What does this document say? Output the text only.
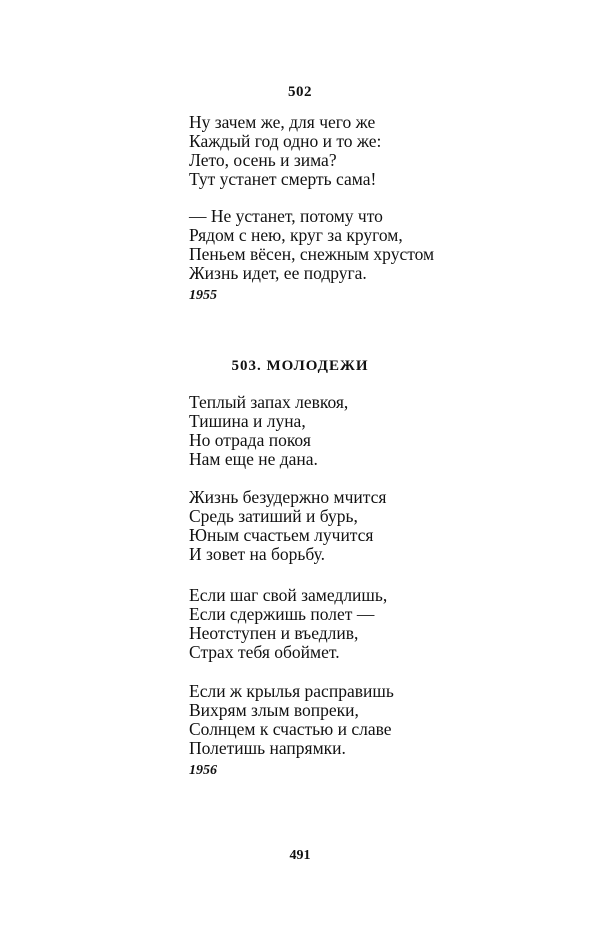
502
Ну зачем же, для чего же
Каждый год одно и то же:
Лето, осень и зима?
Тут устанет смерть сама!
— Не устанет, потому что
Рядом с нею, круг за кругом,
Пеньем вёсен, снежным хрустом
Жизнь идет, ее подруга.
1955
503. МОЛОДЕЖИ
Теплый запах левкоя,
Тишина и луна,
Но отрада покоя
Нам еще не дана.
Жизнь безудержно мчится
Средь затиший и бурь,
Юным счастьем лучится
И зовет на борьбу.
Если шаг свой замедлишь,
Если сдержишь полет —
Неотступен и въедлив,
Страх тебя обоймет.
Если ж крылья расправишь
Вихрям злым вопреки,
Солнцем к счастью и славе
Полетишь напрямки.
1956
491
